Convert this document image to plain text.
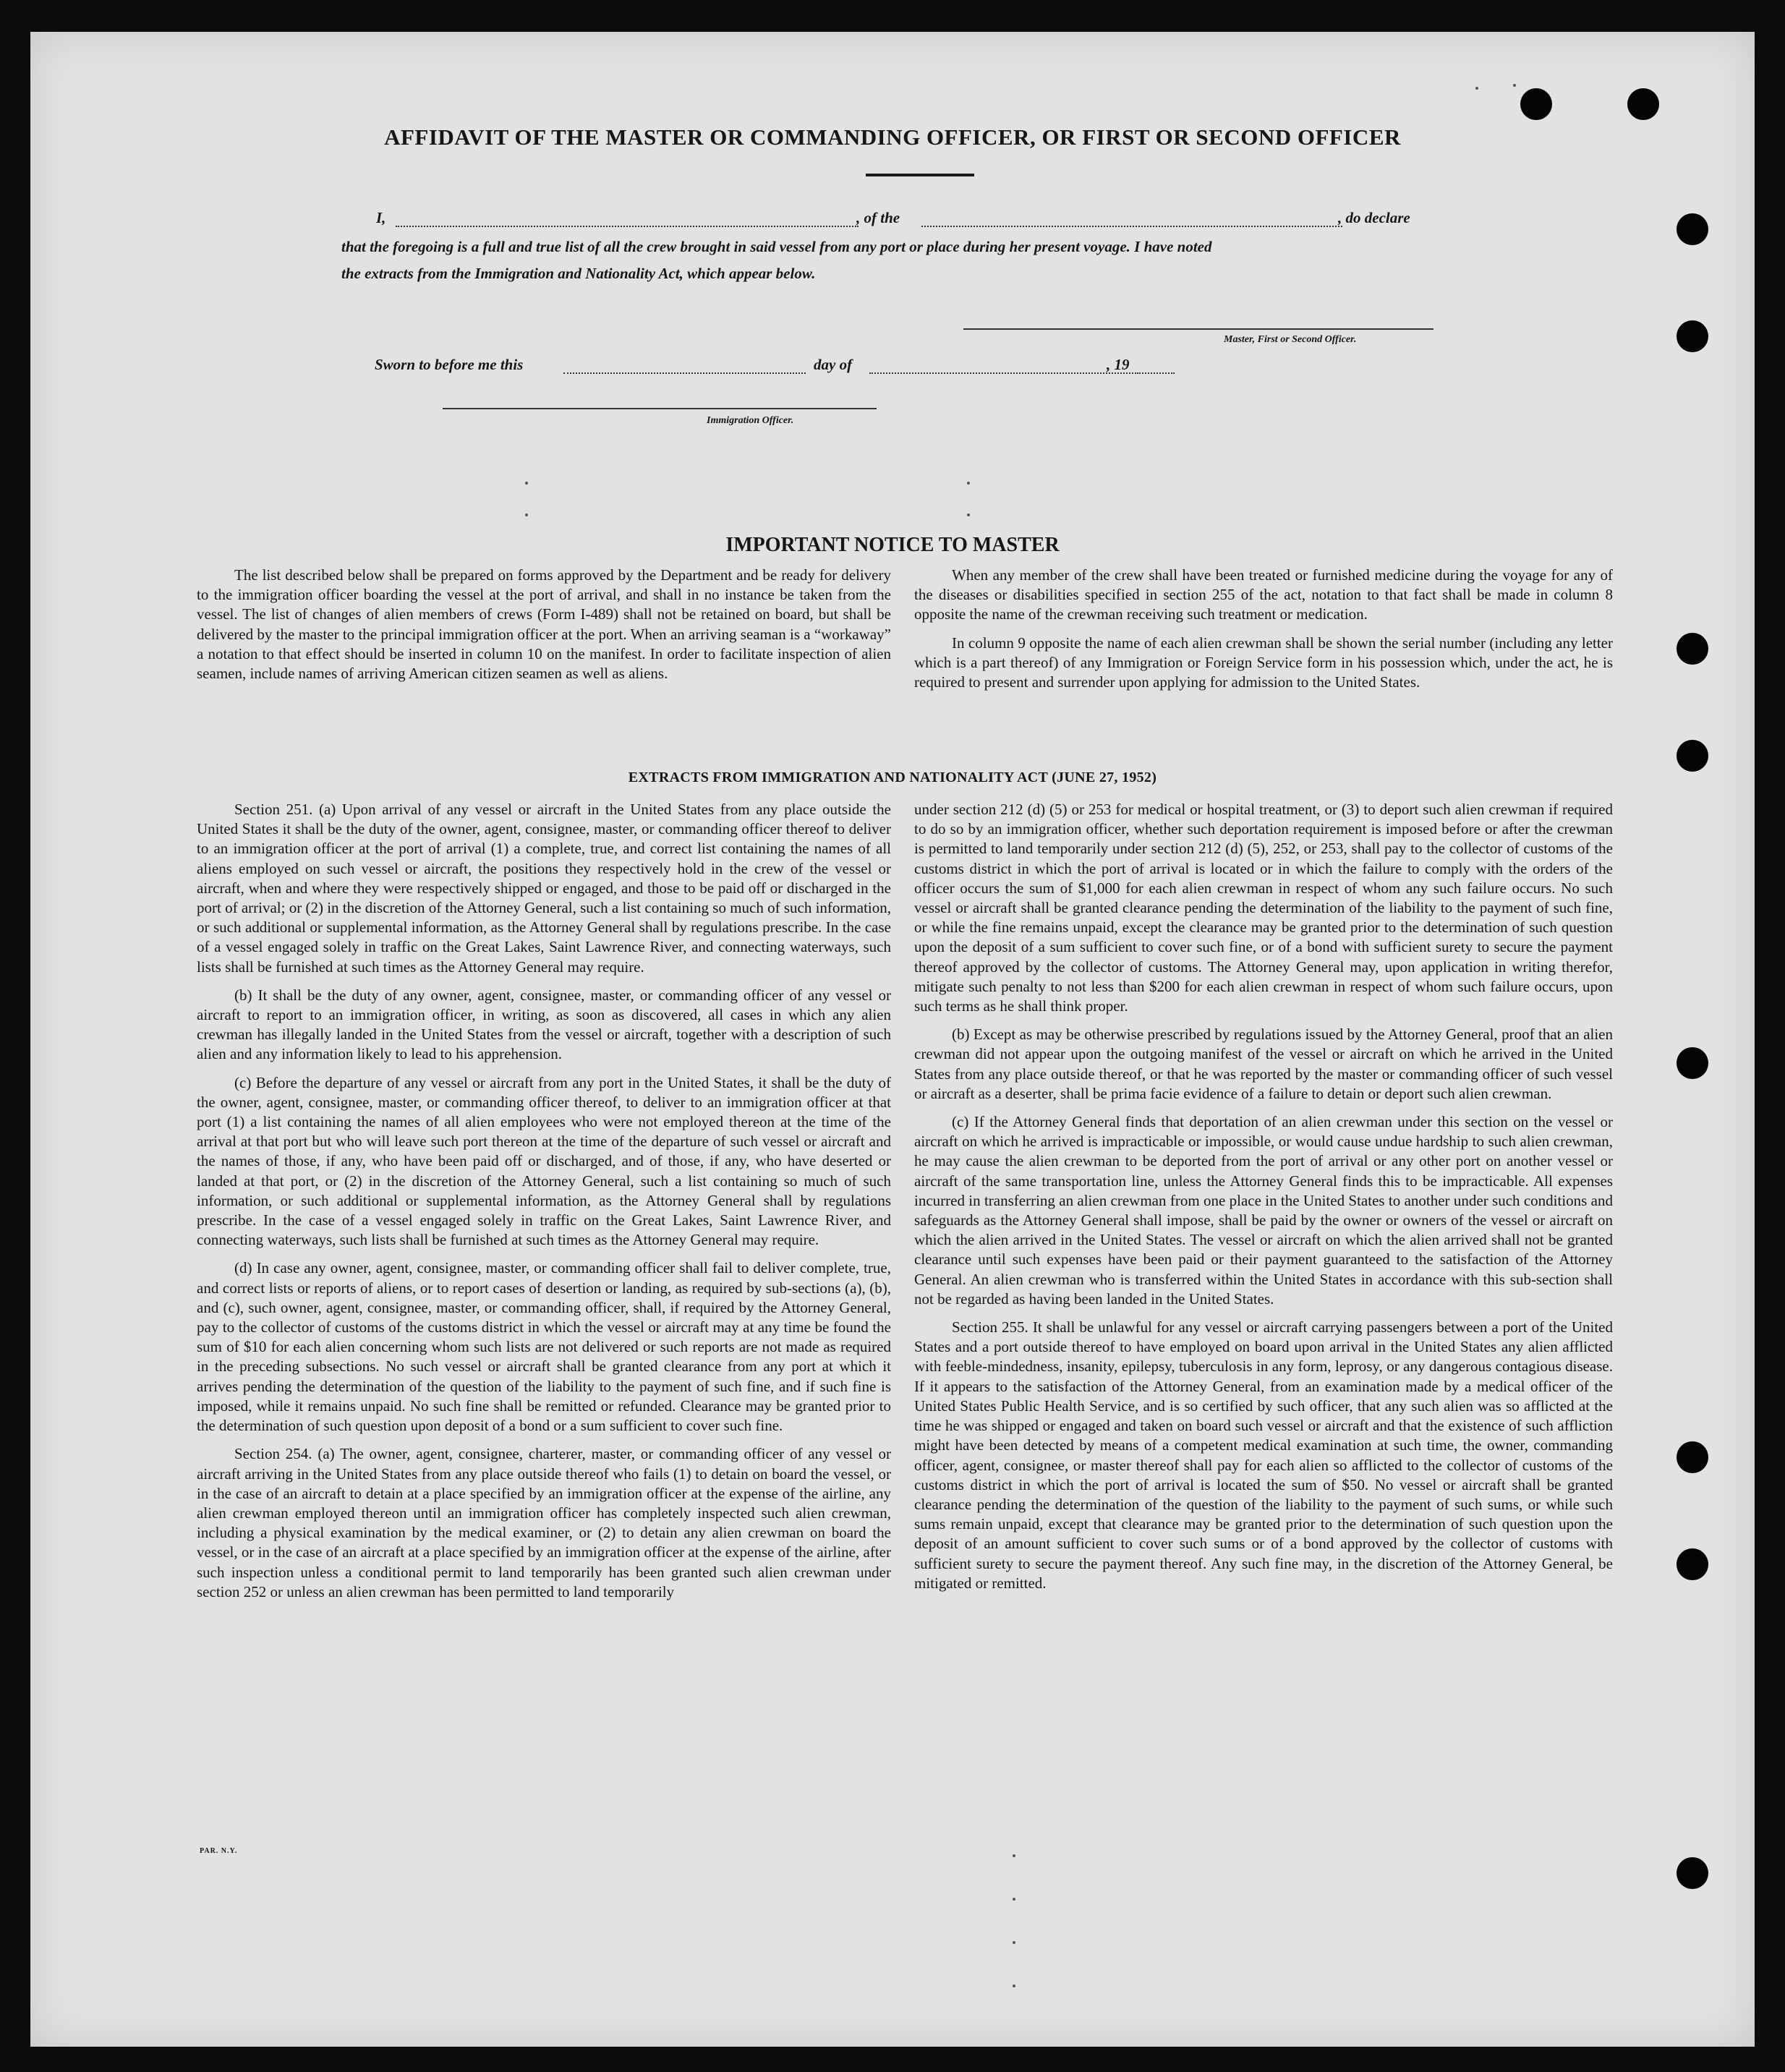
AFFIDAVIT OF THE MASTER OR COMMANDING OFFICER, OR FIRST OR SECOND OFFICER
I,	, of the	, do declare
that the foregoing is a full and true list of all the crew brought in said vessel from any port or place during her present voyage. I have noted
the extracts from the Immigration and Nationality Act, which appear below.
Master, First or Second Officer.
Sworn to before me this	day of	, 19
Immigration Officer.
IMPORTANT NOTICE TO MASTER

The list described below shall be prepared on forms approved by the Department and be ready for delivery to the immigration officer boarding the vessel at the port of arrival, and shall in no instance be taken from the vessel. The list of changes of alien members of crews (Form I-489) shall not be retained on board, but shall be delivered by the master to the principal immigration officer at the port. When an arriving seaman is a “workaway” a notation to that effect should be inserted in column 10 on the manifest. In order to facilitate inspection of alien seamen, include names of arriving American citizen seamen as well as aliens.

When any member of the crew shall have been treated or furnished medicine during the voyage for any of the diseases or disabilities specified in section 255 of the act, notation to that fact shall be made in column 8 opposite the name of the crewman receiving such treatment or medication.

In column 9 opposite the name of each alien crewman shall be shown the serial number (including any letter which is a part thereof) of any Immigration or Foreign Service form in his possession which, under the act, he is required to present and surrender upon applying for admission to the United States.

EXTRACTS FROM IMMIGRATION AND NATIONALITY ACT (JUNE 27, 1952)

Section 251. (a) Upon arrival of any vessel or aircraft in the United States from any place outside the United States it shall be the duty of the owner, agent, consignee, master, or commanding officer thereof to deliver to an immigration officer at the port of arrival (1) a complete, true, and correct list containing the names of all aliens employed on such vessel or aircraft, the positions they respectively hold in the crew of the vessel or aircraft, when and where they were respectively shipped or engaged, and those to be paid off or discharged in the port of arrival; or (2) in the discretion of the Attorney General, such a list containing so much of such information, or such additional or supplemental information, as the Attorney General shall by regulations prescribe. In the case of a vessel engaged solely in traffic on the Great Lakes, Saint Lawrence River, and connecting waterways, such lists shall be furnished at such times as the Attorney General may require.

(b) It shall be the duty of any owner, agent, consignee, master, or commanding officer of any vessel or aircraft to report to an immigration officer, in writing, as soon as discovered, all cases in which any alien crewman has illegally landed in the United States from the vessel or aircraft, together with a description of such alien and any information likely to lead to his apprehension.

(c) Before the departure of any vessel or aircraft from any port in the United States, it shall be the duty of the owner, agent, consignee, master, or commanding officer thereof, to deliver to an immigration officer at that port (1) a list containing the names of all alien employees who were not employed thereon at the time of the arrival at that port but who will leave such port thereon at the time of the departure of such vessel or aircraft and the names of those, if any, who have been paid off or discharged, and of those, if any, who have deserted or landed at that port, or (2) in the discretion of the Attorney General, such a list containing so much of such information, or such additional or supplemental information, as the Attorney General shall by regulations prescribe. In the case of a vessel engaged solely in traffic on the Great Lakes, Saint Lawrence River, and connecting waterways, such lists shall be furnished at such times as the Attorney General may require.

(d) In case any owner, agent, consignee, master, or commanding officer shall fail to deliver complete, true, and correct lists or reports of aliens, or to report cases of desertion or landing, as required by sub-sections (a), (b), and (c), such owner, agent, consignee, master, or commanding officer, shall, if required by the Attorney General, pay to the collector of customs of the customs district in which the vessel or aircraft may at any time be found the sum of $10 for each alien concerning whom such lists are not delivered or such reports are not made as required in the preceding subsections. No such vessel or aircraft shall be granted clearance from any port at which it arrives pending the determination of the question of the liability to the payment of such fine, and if such fine is imposed, while it remains unpaid. No such fine shall be remitted or refunded. Clearance may be granted prior to the determination of such question upon deposit of a bond or a sum sufficient to cover such fine.

Section 254. (a) The owner, agent, consignee, charterer, master, or commanding officer of any vessel or aircraft arriving in the United States from any place outside thereof who fails (1) to detain on board the vessel, or in the case of an aircraft to detain at a place specified by an immigration officer at the expense of the airline, any alien crewman employed thereon until an immigration officer has completely inspected such alien crewman, including a physical examination by the medical examiner, or (2) to detain any alien crewman on board the vessel, or in the case of an aircraft at a place specified by an immigration officer at the expense of the airline, after such inspection unless a conditional permit to land temporarily has been granted such alien crewman under section 252 or unless an alien crewman has been permitted to land temporarily

under section 212 (d) (5) or 253 for medical or hospital treatment, or (3) to deport such alien crewman if required to do so by an immigration officer, whether such deportation requirement is imposed before or after the crewman is permitted to land temporarily under section 212 (d) (5), 252, or 253, shall pay to the collector of customs of the customs district in which the port of arrival is located or in which the failure to comply with the orders of the officer occurs the sum of $1,000 for each alien crewman in respect of whom any such failure occurs. No such vessel or aircraft shall be granted clearance pending the determination of the liability to the payment of such fine, or while the fine remains unpaid, except the clearance may be granted prior to the determination of such question upon the deposit of a sum sufficient to cover such fine, or of a bond with sufficient surety to secure the payment thereof approved by the collector of customs. The Attorney General may, upon application in writing therefor, mitigate such penalty to not less than $200 for each alien crewman in respect of whom such failure occurs, upon such terms as he shall think proper.

(b) Except as may be otherwise prescribed by regulations issued by the Attorney General, proof that an alien crewman did not appear upon the outgoing manifest of the vessel or aircraft on which he arrived in the United States from any place outside thereof, or that he was reported by the master or commanding officer of such vessel or aircraft as a deserter, shall be prima facie evidence of a failure to detain or deport such alien crewman.

(c) If the Attorney General finds that deportation of an alien crewman under this section on the vessel or aircraft on which he arrived is impracticable or impossible, or would cause undue hardship to such alien crewman, he may cause the alien crewman to be deported from the port of arrival or any other port on another vessel or aircraft of the same transportation line, unless the Attorney General finds this to be impracticable. All expenses incurred in transferring an alien crewman from one place in the United States to another under such conditions and safeguards as the Attorney General shall impose, shall be paid by the owner or owners of the vessel or aircraft on which the alien arrived in the United States. The vessel or aircraft on which the alien arrived shall not be granted clearance until such expenses have been paid or their payment guaranteed to the satisfaction of the Attorney General. An alien crewman who is transferred within the United States in accordance with this sub-section shall not be regarded as having been landed in the United States.

Section 255. It shall be unlawful for any vessel or aircraft carrying passengers between a port of the United States and a port outside thereof to have employed on board upon arrival in the United States any alien afflicted with feeble-mindedness, insanity, epilepsy, tuberculosis in any form, leprosy, or any dangerous contagious disease. If it appears to the satisfaction of the Attorney General, from an examination made by a medical officer of the United States Public Health Service, and is so certified by such officer, that any such alien was so afflicted at the time he was shipped or engaged and taken on board such vessel or aircraft and that the existence of such affliction might have been detected by means of a competent medical examination at such time, the owner, commanding officer, agent, consignee, or master thereof shall pay for each alien so afflicted to the collector of customs of the customs district in which the port of arrival is located the sum of $50. No vessel or aircraft shall be granted clearance pending the determination of the question of the liability to the payment of such sums, or while such sums remain unpaid, except that clearance may be granted prior to the determination of such question upon the deposit of an amount sufficient to cover such sums or of a bond approved by the collector of customs with sufficient surety to secure the payment thereof. Any such fine may, in the discretion of the Attorney General, be mitigated or remitted.

PAR. N.Y.
